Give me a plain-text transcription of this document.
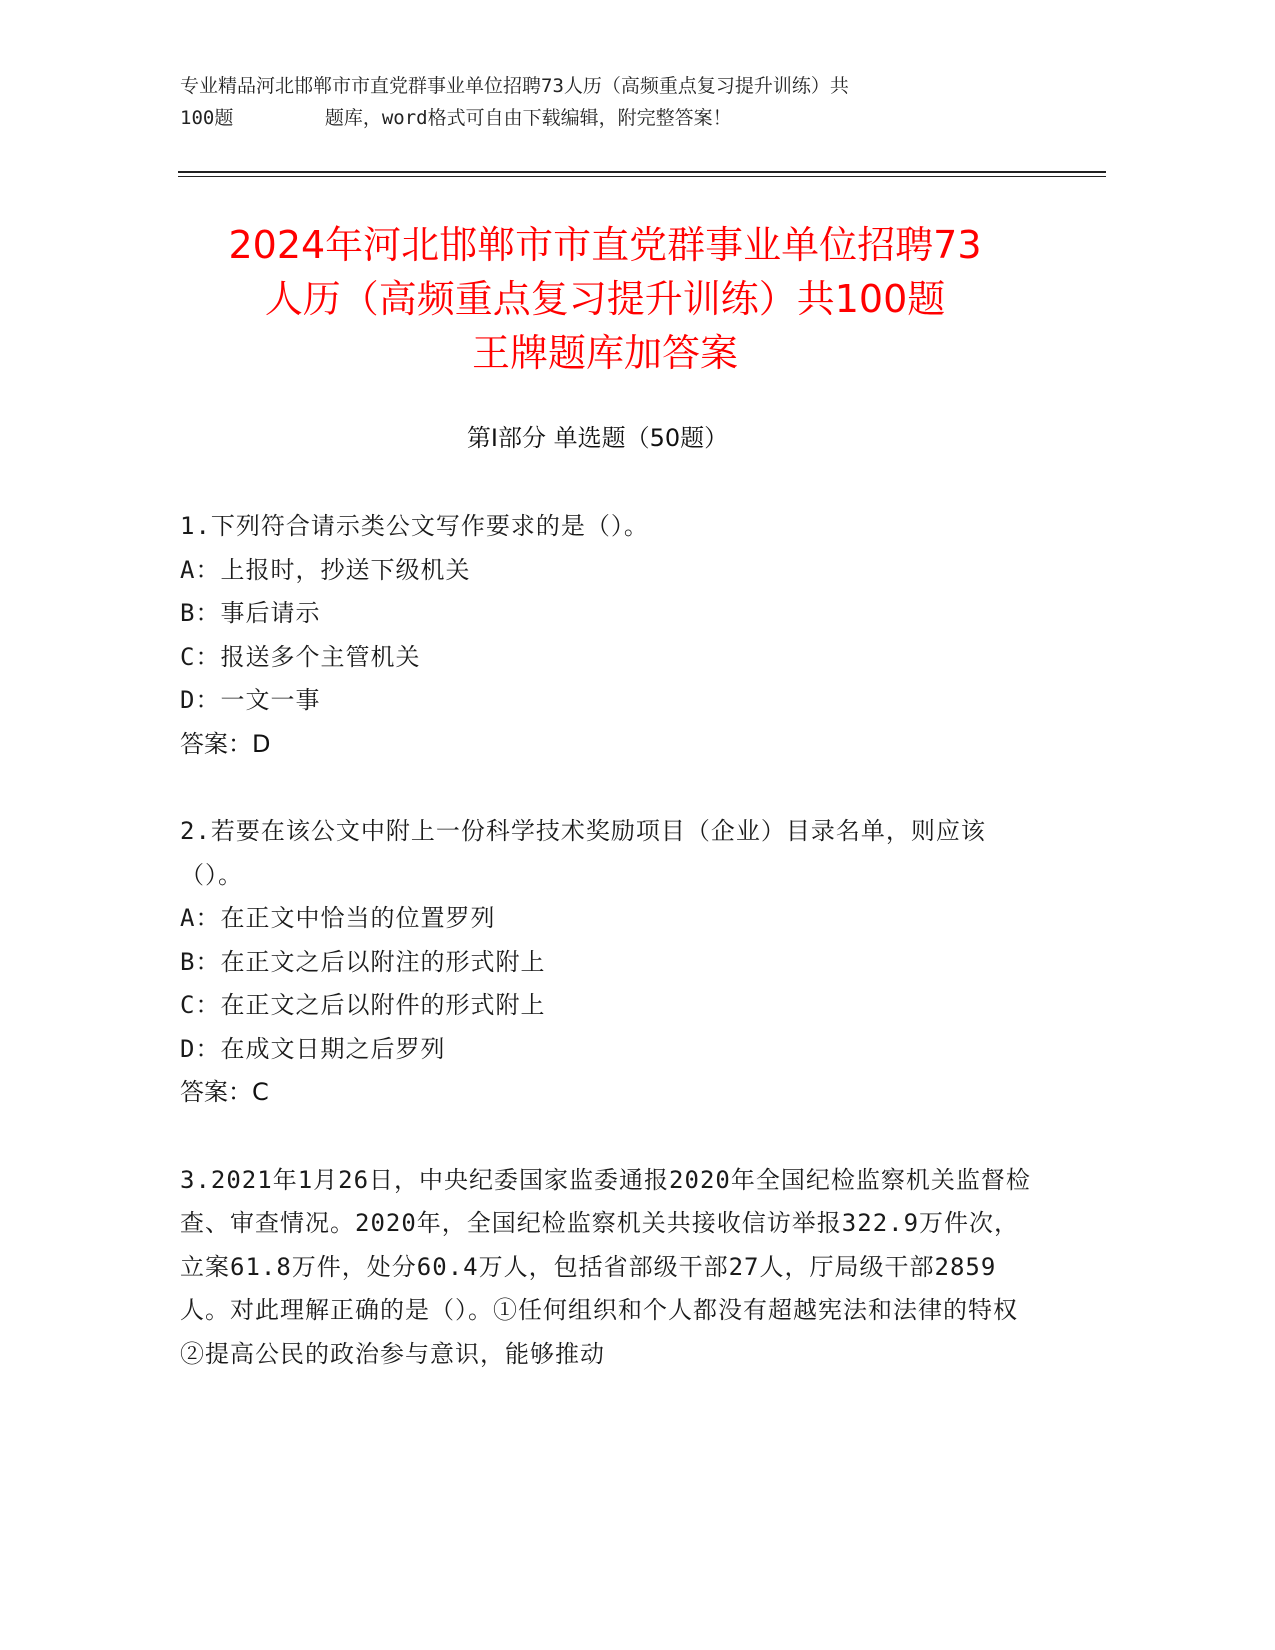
专业精品河北邯郸市市直党群事业单位招聘73人历（高频重点复习提升训练）共
100题        题库，word格式可自由下载编辑，附完整答案！
2024年河北邯郸市市直党群事业单位招聘73
人历（高频重点复习提升训练）共100题
王牌题库加答案
第Ⅰ部分 单选题（50题）
1.下列符合请示类公文写作要求的是（）。
A：上报时，抄送下级机关
B：事后请示
C：报送多个主管机关
D：一文一事
答案：D
2.若要在该公文中附上一份科学技术奖励项目（企业）目录名单，则应该（）。
A：在正文中恰当的位置罗列
B：在正文之后以附注的形式附上
C：在正文之后以附件的形式附上
D：在成文日期之后罗列
答案：C
3.2021年1月26日，中央纪委国家监委通报2020年全国纪检监察机关监督检查、审查情况。2020年，全国纪检监察机关共接收信访举报322.9万件次，立案61.8万件，处分60.4万人，包括省部级干部27人，厅局级干部2859人。对此理解正确的是（）。①任何组织和个人都没有超越宪法和法律的特权②提高公民的政治参与意识，能够推动
